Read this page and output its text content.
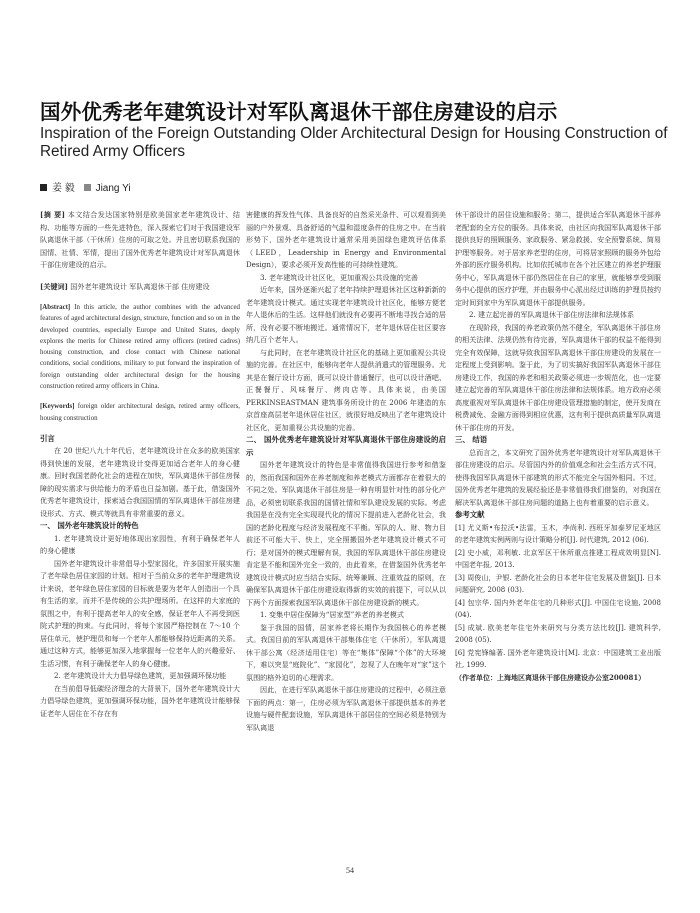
国外优秀老年建筑设计对军队离退休干部住房建设的启示
Inspiration of the Foreign Outstanding Older Architectural Design for Housing Construction of Retired Army Officers
姜 毅 Jiang Yi

[摘 要] 本文结合发达国家特别是欧美国家老年建筑设计、结构、功能等方面的一些先进特色，深入探索它们对于我国建设军队离退休干部（干休所）住房的可取之处。并且密切联系我国的国情、社情、军情，提出了国外优秀老年建筑设计对军队离退休干部住房建设的启示。

[关键词] 国外老年建筑设计 军队离退休干部 住房建设

[Abstract] In this article, the author combines with the advanced features of aged architectural design, structure, function and so on in the developed countries, especially Europe and United States, deeply explores the merits for Chinese retired army officers (retired cadres) housing construction, and close contact with Chinese national conditions, social conditions, military to put forward the inspiration of foreign outstanding older architectural design for the housing construction retired army officers in China.

[Keywords] foreign older architectural design, retired army officers, housing construction

引言

在 20 世纪八九十年代后，老年建筑设计在众多的欧美国家得到快速的发展，老年建筑设计变得更加适合老年人的身心健康。回时我国老龄化社会的进程在加快，军队离退休干部住房保障的现实需求与供给能力的矛盾也日益加剧。基于此，借鉴国外优秀老年建筑设计，探索适合我国国情的军队离退休干部住房建设形式、方式、模式等就具有非常重要的意义。

一、 国外老年建筑设计的特色

1. 老年建筑设计更好地体现出家园性，有利于确保老年人的身心健康

国外老年建筑设计非常倡导小型家园化，许多国家开展实施了老年绿色居住家园的计划。相对于当前众多的老年护理建筑设计来说，老年绿色居住家园的目标就是要为老年人创造出一个具有生活的家，而并不是传统的公共护理场所。在这样的大家庭的氛围之中，有利于提高老年人的安全感，保证老年人不再受到医院式护理的拘束。与此同时，将每个家园严格控制在 7～10 个居住单元，使护理员和每一个老年人都能够保持近距离的关系。通过这种方式，能够更加深入地掌握每一位老年人的兴趣爱好、生活习惯，有利于确保老年人的身心健康。

2. 老年建筑设计大力倡导绿色建筑，更加强调环保功能

在当前倡导低碳经济理念的大背景下，国外老年建筑设计大力倡导绿色建筑，更加强调环保功能，国外老年建筑设计能够保证老年人居住在不存在有

害健康的挥发性气体、具备良好的自然采光条件、可以观看到美丽的户外景观、具备舒适的气温和湿度条件的住房之中。在当前形势下，国外老年建筑设计通常采用美国绿色建筑评估体系（LEED，Leadership in Energy and Environmental Design），要求必须开发高性能的可持续性建筑。

3. 老年建筑设计社区化，更加重视公共设施的完善

近年来，国外逐渐兴起了老年持续护理退休社区这种新新的老年建筑设计模式。通过实现老年建筑设计社区化，能够方便老年人退休后的生活。这样他们就没有必要再不断地寻找合适的居所，没有必要不断地搬迁。通常情况下，老年退休居住社区要容纳几百个老年人。

与此同时，在老年建筑设计社区化的基础上更加重视公共设施的完善。在社区中，能够向老年人提供消遣式的管理服务。尤其是在餐厅设计方面，既可以设计普通餐厅，也可以设计酒吧、正餐餐厅、风味餐厅、烤肉店等。具体来说，由美国 PERKINSEASTMAN 建筑事务所设计的在 2006 年建造的东京首座高层老年退休居住社区，就很好地反映出了老年建筑设计社区化，更加重视公共设施的完善。

二、 国外优秀老年建筑设计对军队离退休干部住房建设的启示

国外老年建筑设计的特色是非常值得我国进行参考和借鉴的，然而我国和国外在养老制度和养老模式方面都存在着很大的不同之处。军队离退休干部住房是一种有明显针对性的部分化产品，必须密切联系我国的国情社情和军队建设发展的实际。考虑我国是在没有完全实现现代化的情况下提前进入老龄化社会，我国的老龄化程度与经济发展程度不平衡。军队的人、财、物力目前还不可能大干、快上，完全照搬国外老年建筑设计模式不可行；是对国外的模式理解有误，我国的军队离退休干部住房建设肯定是不能和国外完全一致的，由此看来，在借鉴国外优秀老年建筑设计模式时应当结合实际、统筹兼顾、注重效益的原则，在确保军队离退休干部住房建设取得新的实效的前提下，可以从以下两个方面探索我国军队离退休干部住房建设新的模式。

1. 变集中居住保障为“居家型”养老的养老模式

鉴于我国的国情，居家养老将长期作为我国核心的养老模式。我国目前的军队离退休干部集体住宅（干休所），军队离退休干部公寓（经济适用住宅）等在“集体”保障“个体”的大环境下，难以突显“庭院化”、“家园化”，忽视了人在晚年对“家”这个氛围的格外迫切的心理需求。

因此，在进行军队离退休干部住房建设的过程中，必须注意下面的两点：第一，住房必须为军队离退休干部提供基本的养老设施与硬件配套设施，军队离退休干部居住的空间必须是特别为军队离退

休干部设计的居住设施和服务；第二，提供适合军队离退休干部养老配套的全方位的服务。具体来说，由社区向我国军队离退休干部提供良好的照顾服务、家政服务、紧急救援、安全预警系统、简易护理等服务。对于居家养老型的住房，可将居家照顾的服务外包给外部的医疗服务机构。比如依托城市在各个社区建立的养老护理服务中心，军队离退休干部仍然居住在自己的家里，就能够享受到服务中心提供的医疗护理，并由服务中心派出经过训练的护理员按约定时间到家中为军队离退休干部提供服务。

2. 建立起完善的军队离退休干部住房法律和法规体系

在现阶段，我国的养老政策仍然不健全，军队离退休干部住房的相关法律、法规仍然有待完善，军队离退休干部的权益不能得到完全有效保障，这就导致我国军队离退休干部住房建设的发展在一定程度上受到影响。鉴于此，为了切实搞好我国军队离退休干部住房建设工作，我国的养老和相关政策必须进一步规范化，也一定要建立起完善的军队离退休干部住房法律和法规体系。地方政府必须高度重视对军队离退休干部住房建设管理措施的制定，使开发商在税费减免、金融方面得到相应优惠，这有利于提供高质量军队离退休干部住房的开发。

三、 结语

总而言之，本文研究了国外优秀老年建筑设计对军队离退休干部住房建设的启示。尽管国内外的价值观念和社会生活方式不同，使得我国军队离退休干部建筑的形式不能完全与国外相同。不过，国外优秀老年建筑的发展经验还是非常值得我们借鉴的，对我国在解决军队离退休干部住房问题的道路上也有着重要的启示意义。

参考文献

[1] 尤义斯•布拉沃•法雷，玉木，李尚利. 西班牙加泰罗尼亚地区的老年建筑实例两则与设计策略分析[J]. 时代建筑, 2012 (06).

[2] 史小威，邓利敏. 北京军区干休所重点推建工程成效明显[N]. 中国老年报, 2013.

[3] 周俊山，尹银. 老龄化社会的日本老年住宅发展及借鉴[J]. 日本问题研究, 2008 (03).

[4] 包宗华. 国内外老年住宅的几种形式[J]. 中国住宅设施, 2008 (04).

[5] 成斌. 欧美老年住宅外来研究与分类方法比较[J]. 建筑科学, 2008 (05).

[6] 党宪锋编著. 国外老年建筑设计[M]. 北京：中国建筑工业出版社, 1999.

（作者单位：上海地区离退休干部住房建设办公室200081）

54
